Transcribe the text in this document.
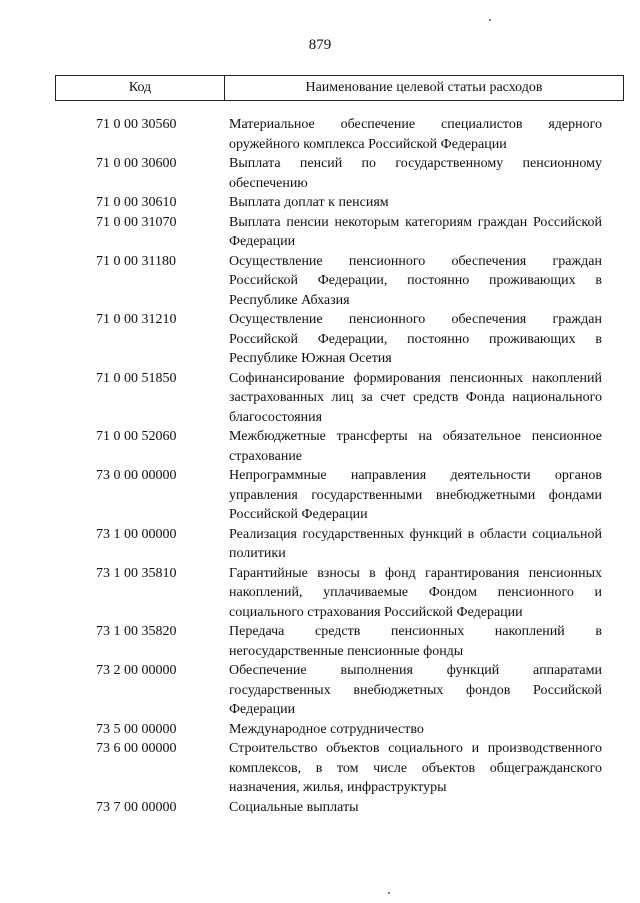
879
Код	Наименование целевой статьи расходов
71 0 00 30560	Материальное обеспечение специалистов ядерного оружейного комплекса Российской Федерации
71 0 00 30600	Выплата пенсий по государственному пенсионному обеспечению
71 0 00 30610	Выплата доплат к пенсиям
71 0 00 31070	Выплата пенсии некоторым категориям граждан Российской Федерации
71 0 00 31180	Осуществление пенсионного обеспечения граждан Российской Федерации, постоянно проживающих в Республике Абхазия
71 0 00 31210	Осуществление пенсионного обеспечения граждан Российской Федерации, постоянно проживающих в Республике Южная Осетия
71 0 00 51850	Софинансирование формирования пенсионных накоплений застрахованных лиц за счет средств Фонда национального благосостояния
71 0 00 52060	Межбюджетные трансферты на обязательное пенсионное страхование
73 0 00 00000	Непрограммные направления деятельности органов управления государственными внебюджетными фондами Российской Федерации
73 1 00 00000	Реализация государственных функций в области социальной политики
73 1 00 35810	Гарантийные взносы в фонд гарантирования пенсионных накоплений, уплачиваемые Фондом пенсионного и социального страхования Российской Федерации
73 1 00 35820	Передача средств пенсионных накоплений в негосударственные пенсионные фонды
73 2 00 00000	Обеспечение выполнения функций аппаратами государственных внебюджетных фондов Российской Федерации
73 5 00 00000	Международное сотрудничество
73 6 00 00000	Строительство объектов социального и производственного комплексов, в том числе объектов общегражданского назначения, жилья, инфраструктуры
73 7 00 00000	Социальные выплаты
